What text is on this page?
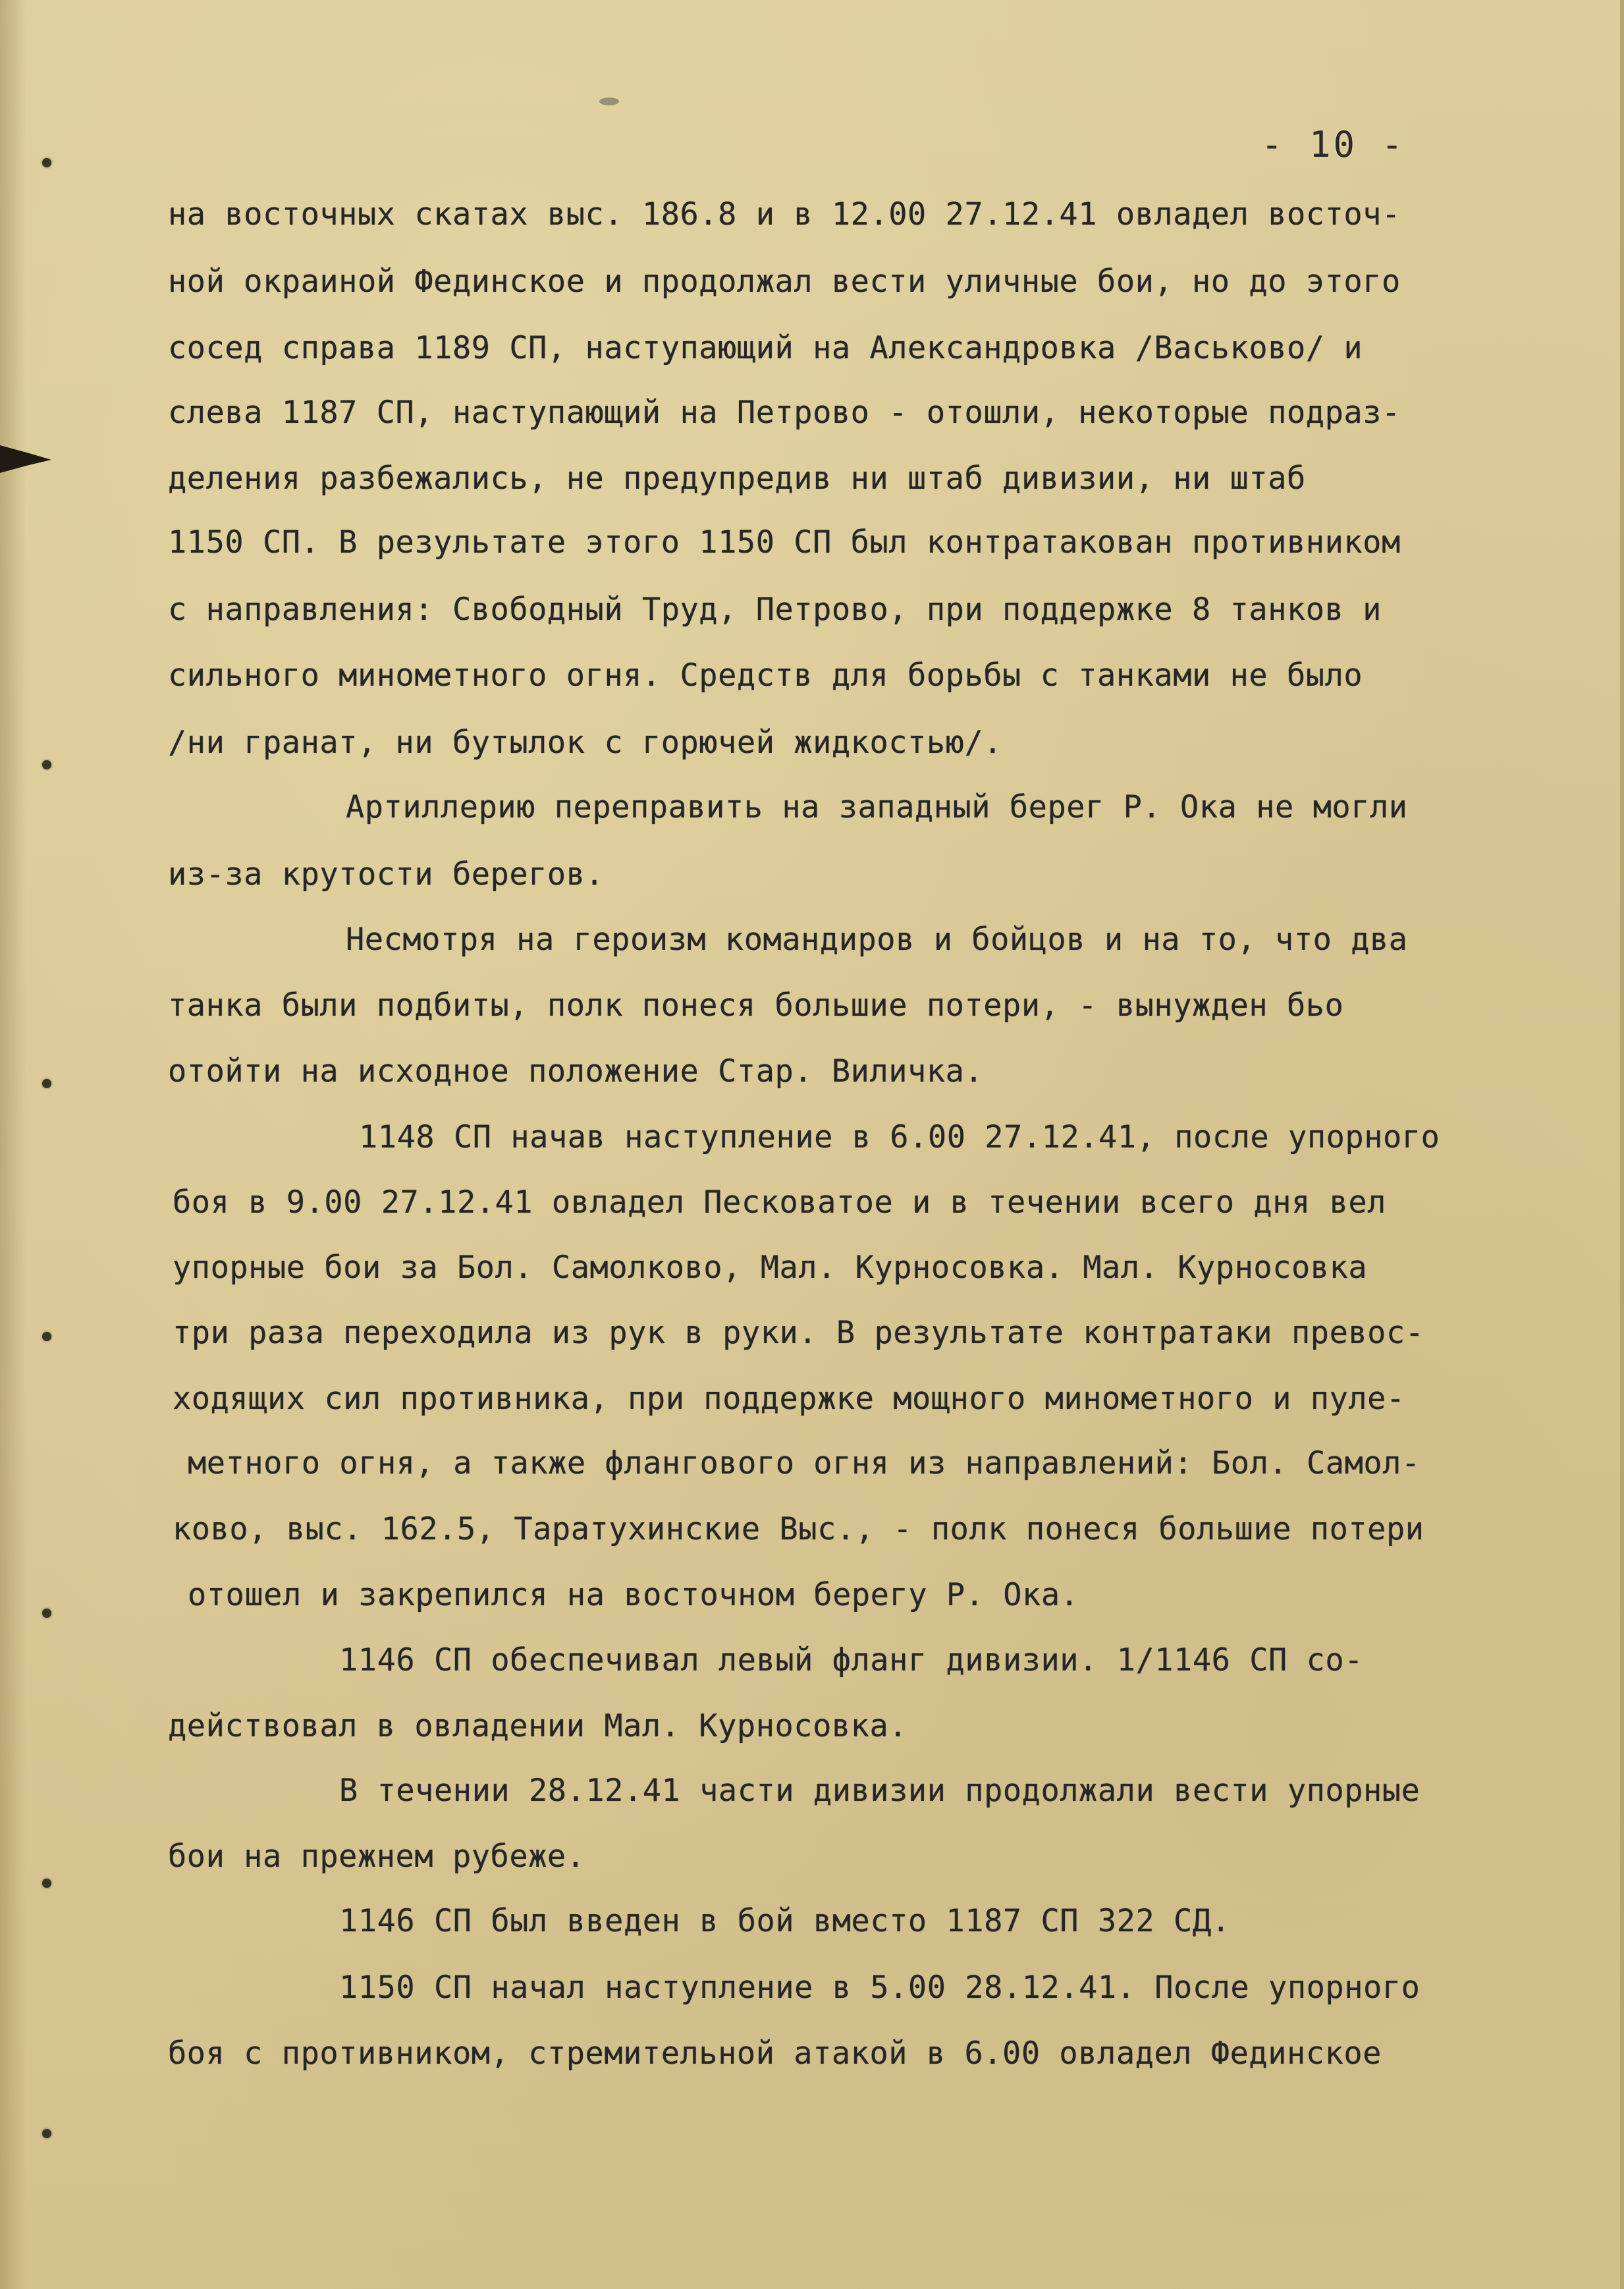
- 10 -
на восточных скатах выс. 186.8 и в 12.00 27.12.41 овладел восточ-
ной окраиной Фединское и продолжал вести уличные бои, но до этого
сосед справа 1189 СП, наступающий на Александровка /Васьково/ и
слева 1187 СП, наступающий на Петрово - отошли, некоторые подраз-
деления разбежались, не предупредив ни штаб дивизии, ни штаб
1150 СП. В результате этого 1150 СП был контратакован противником
с направления: Свободный Труд, Петрово, при поддержке 8 танков и
сильного минометного огня. Средств для борьбы с танками не было
/ни гранат, ни бутылок с горючей жидкостью/.
Артиллерию переправить на западный берег Р. Ока не могли
из-за крутости берегов.
Несмотря на героизм командиров и бойцов и на то, что два
танка были подбиты, полк понеся большие потери, - вынужден бьо
отойти на исходное положение Стар. Виличка.
1148 СП начав наступление в 6.00 27.12.41, после упорного
боя в 9.00 27.12.41 овладел Песковатое и в течении всего дня вел
упорные бои за Бол. Самолково, Мал. Курносовка. Мал. Курносовка
три раза переходила из рук в руки. В результате контратаки превос-
ходящих сил противника, при поддержке мощного минометного и пуле-
метного огня, а также флангового огня из направлений: Бол. Самол-
ково, выс. 162.5, Таратухинские Выс., - полк понеся большие потери
отошел и закрепился на восточном берегу Р. Ока.
1146 СП обеспечивал левый фланг дивизии. 1/1146 СП со-
действовал в овладении Мал. Курносовка.
В течении 28.12.41 части дивизии продолжали вести упорные
бои на прежнем рубеже.
1146 СП был введен в бой вместо 1187 СП 322 СД.
1150 СП начал наступление в 5.00 28.12.41. После упорного
боя с противником, стремительной атакой в 6.00 овладел Фединское
